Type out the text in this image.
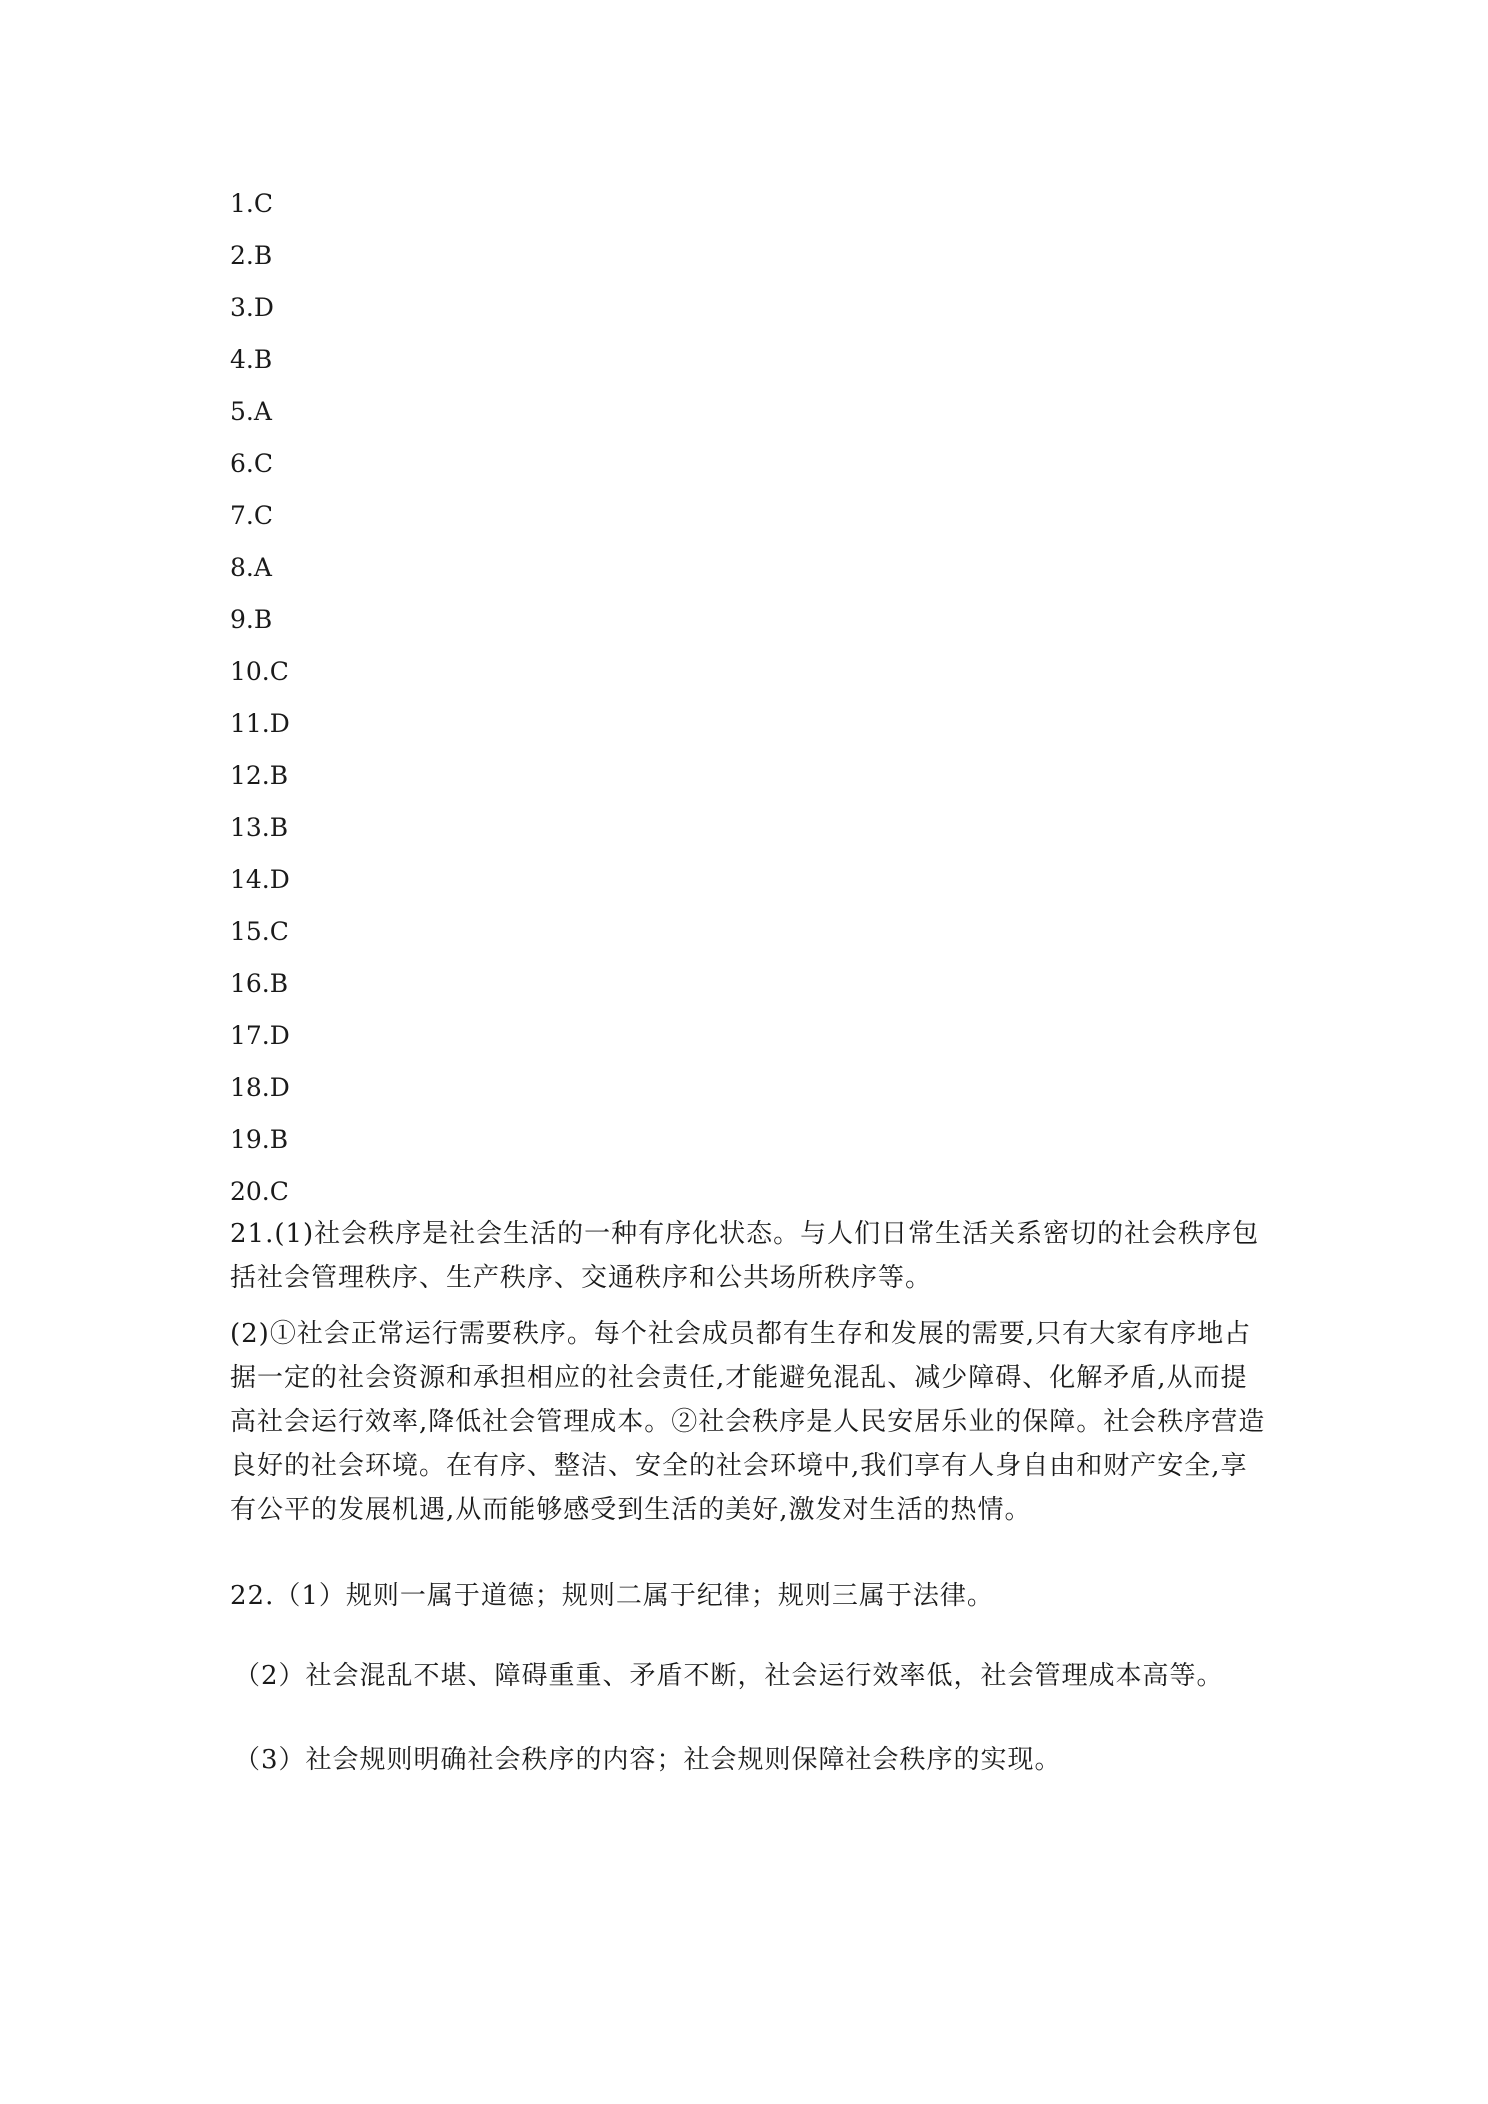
1.C
2.B
3.D
4.B
5.A
6.C
7.C
8.A
9.B
10.C
11.D
12.B
13.B
14.D
15.C
16.B
17.D
18.D
19.B
20.C

21.(1)社会秩序是社会生活的一种有序化状态。与人们日常生活关系密切的社会秩序包括社会管理秩序、生产秩序、交通秩序和公共场所秩序等。

(2)①社会正常运行需要秩序。每个社会成员都有生存和发展的需要,只有大家有序地占据一定的社会资源和承担相应的社会责任,才能避免混乱、减少障碍、化解矛盾,从而提高社会运行效率,降低社会管理成本。②社会秩序是人民安居乐业的保障。社会秩序营造良好的社会环境。在有序、整洁、安全的社会环境中,我们享有人身自由和财产安全,享有公平的发展机遇,从而能够感受到生活的美好,激发对生活的热情。

22.（1）规则一属于道德；规则二属于纪律；规则三属于法律。

（2）社会混乱不堪、障碍重重、矛盾不断，社会运行效率低，社会管理成本高等。

（3）社会规则明确社会秩序的内容；社会规则保障社会秩序的实现。
